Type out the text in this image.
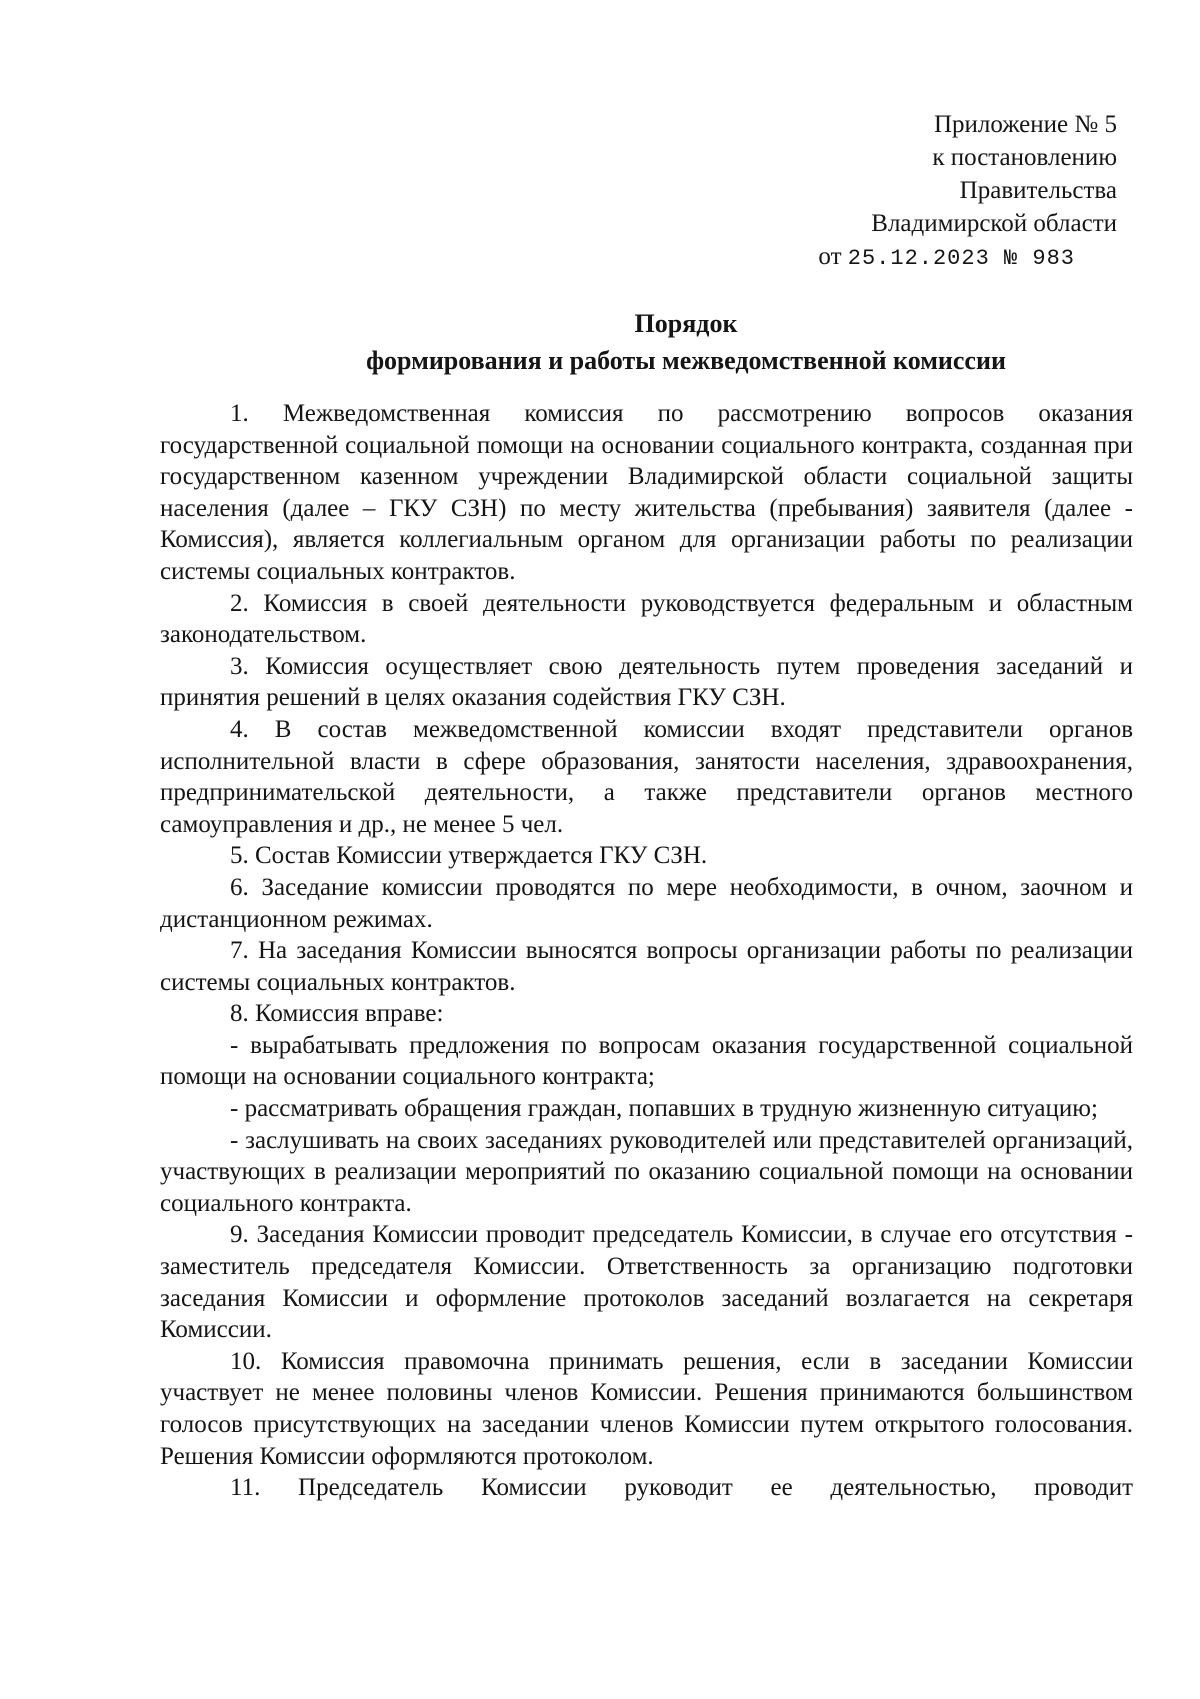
Приложение № 5
к постановлению
Правительства
Владимирской области
от 25.12.2023 № 983
Порядок
формирования и работы межведомственной комиссии

1. Межведомственная комиссия по рассмотрению вопросов оказания государственной социальной помощи на основании социального контракта, созданная при государственном казенном учреждении Владимирской области социальной защиты населения (далее – ГКУ СЗН) по месту жительства (пребывания) заявителя (далее - Комиссия), является коллегиальным органом для организации работы по реализации системы социальных контрактов.

2. Комиссия в своей деятельности руководствуется федеральным и областным законодательством.

3. Комиссия осуществляет свою деятельность путем проведения заседаний и принятия решений в целях оказания содействия ГКУ СЗН.

4. В состав межведомственной комиссии входят представители органов исполнительной власти в сфере образования, занятости населения, здравоохранения, предпринимательской деятельности, а также представители органов местного самоуправления и др., не менее 5 чел.

5. Состав Комиссии утверждается ГКУ СЗН.

6. Заседание комиссии проводятся по мере необходимости, в очном, заочном и дистанционном режимах.

7. На заседания Комиссии выносятся вопросы организации работы по реализации системы социальных контрактов.

8. Комиссия вправе:

- вырабатывать предложения по вопросам оказания государственной социальной помощи на основании социального контракта;

- рассматривать обращения граждан, попавших в трудную жизненную ситуацию;

- заслушивать на своих заседаниях руководителей или представителей организаций, участвующих в реализации мероприятий по оказанию социальной помощи на основании социального контракта.

9. Заседания Комиссии проводит председатель Комиссии, в случае его отсутствия - заместитель председателя Комиссии. Ответственность за организацию подготовки заседания Комиссии и оформление протоколов заседаний возлагается на секретаря Комиссии.

10. Комиссия правомочна принимать решения, если в заседании Комиссии участвует не менее половины членов Комиссии. Решения принимаются большинством голосов присутствующих на заседании членов Комиссии путем открытого голосования. Решения Комиссии оформляются протоколом.

11. Председатель Комиссии руководит ее деятельностью, проводит
